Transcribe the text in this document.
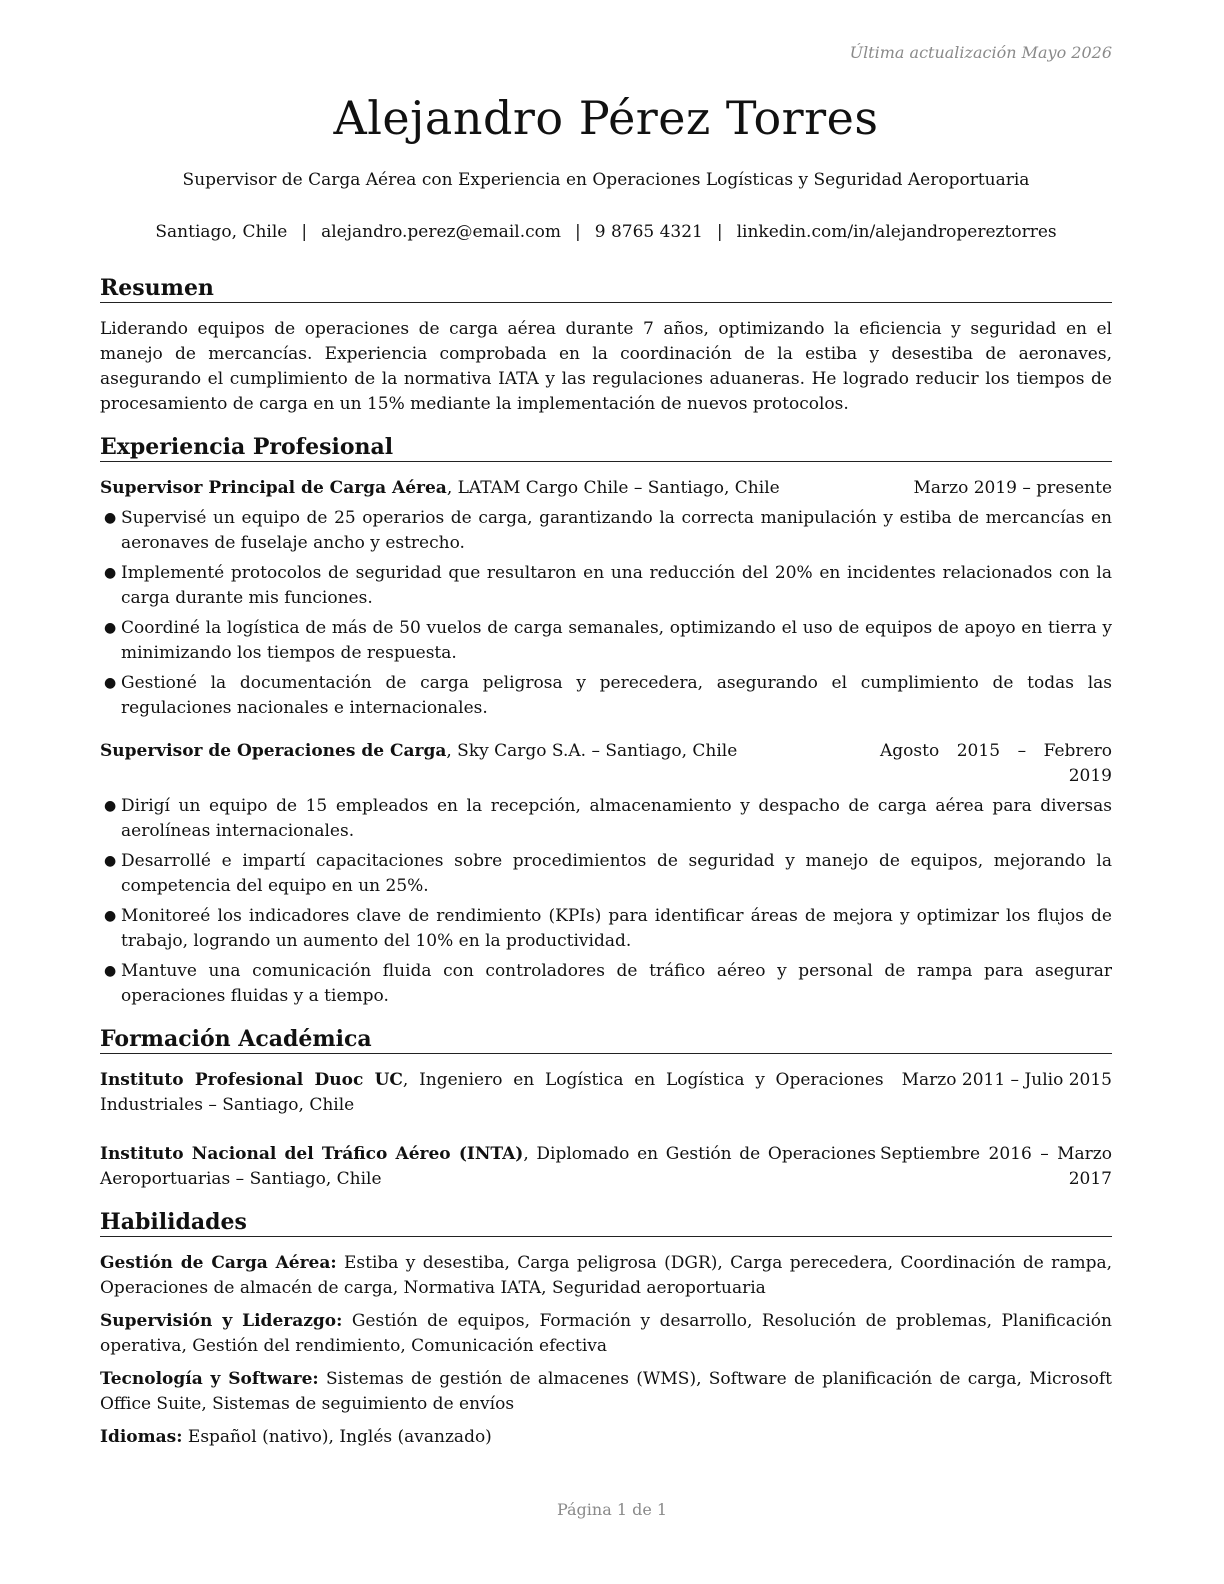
Última actualización Mayo 2026
Alejandro Pérez Torres
Supervisor de Carga Aérea con Experiencia en Operaciones Logísticas y Seguridad Aeroportuaria
Santiago, Chile | alejandro.perez@email.com | 9 8765 4321 | linkedin.com/in/alejandropereztorres
Resumen
Liderando equipos de operaciones de carga aérea durante 7 años, optimizando la eficiencia y seguridad en el manejo de mercancías. Experiencia comprobada en la coordinación de la estiba y desestiba de aeronaves, asegurando el cumplimiento de la normativa IATA y las regulaciones aduaneras. He logrado reducir los tiempos de procesamiento de carga en un 15% mediante la implementación de nuevos protocolos.
Experiencia Profesional
Supervisor Principal de Carga Aérea, LATAM Cargo Chile – Santiago, Chile	Marzo 2019 – presente
● Supervisé un equipo de 25 operarios de carga, garantizando la correcta manipulación y estiba de mercancías en aeronaves de fuselaje ancho y estrecho.
● Implementé protocolos de seguridad que resultaron en una reducción del 20% en incidentes relacionados con la carga durante mis funciones.
● Coordiné la logística de más de 50 vuelos de carga semanales, optimizando el uso de equipos de apoyo en tierra y minimizando los tiempos de respuesta.
● Gestioné la documentación de carga peligrosa y perecedera, asegurando el cumplimiento de todas las regulaciones nacionales e internacionales.
Supervisor de Operaciones de Carga, Sky Cargo S.A. – Santiago, Chile	Agosto 2015 – Febrero 2019
● Dirigí un equipo de 15 empleados en la recepción, almacenamiento y despacho de carga aérea para diversas aerolíneas internacionales.
● Desarrollé e impartí capacitaciones sobre procedimientos de seguridad y manejo de equipos, mejorando la competencia del equipo en un 25%.
● Monitoreé los indicadores clave de rendimiento (KPIs) para identificar áreas de mejora y optimizar los flujos de trabajo, logrando un aumento del 10% en la productividad.
● Mantuve una comunicación fluida con controladores de tráfico aéreo y personal de rampa para asegurar operaciones fluidas y a tiempo.
Formación Académica
Instituto Profesional Duoc UC, Ingeniero en Logística en Logística y Operaciones Industriales – Santiago, Chile
Marzo 2011 – Julio 2015
Instituto Nacional del Tráfico Aéreo (INTA), Diplomado en Gestión de Operaciones Aeroportuarias – Santiago, Chile
Septiembre 2016 – Marzo 2017
Habilidades
Gestión de Carga Aérea: Estiba y desestiba, Carga peligrosa (DGR), Carga perecedera, Coordinación de rampa, Operaciones de almacén de carga, Normativa IATA, Seguridad aeroportuaria
Supervisión y Liderazgo: Gestión de equipos, Formación y desarrollo, Resolución de problemas, Planificación operativa, Gestión del rendimiento, Comunicación efectiva
Tecnología y Software: Sistemas de gestión de almacenes (WMS), Software de planificación de carga, Microsoft Office Suite, Sistemas de seguimiento de envíos
Idiomas: Español (nativo), Inglés (avanzado)
Página 1 de 1
